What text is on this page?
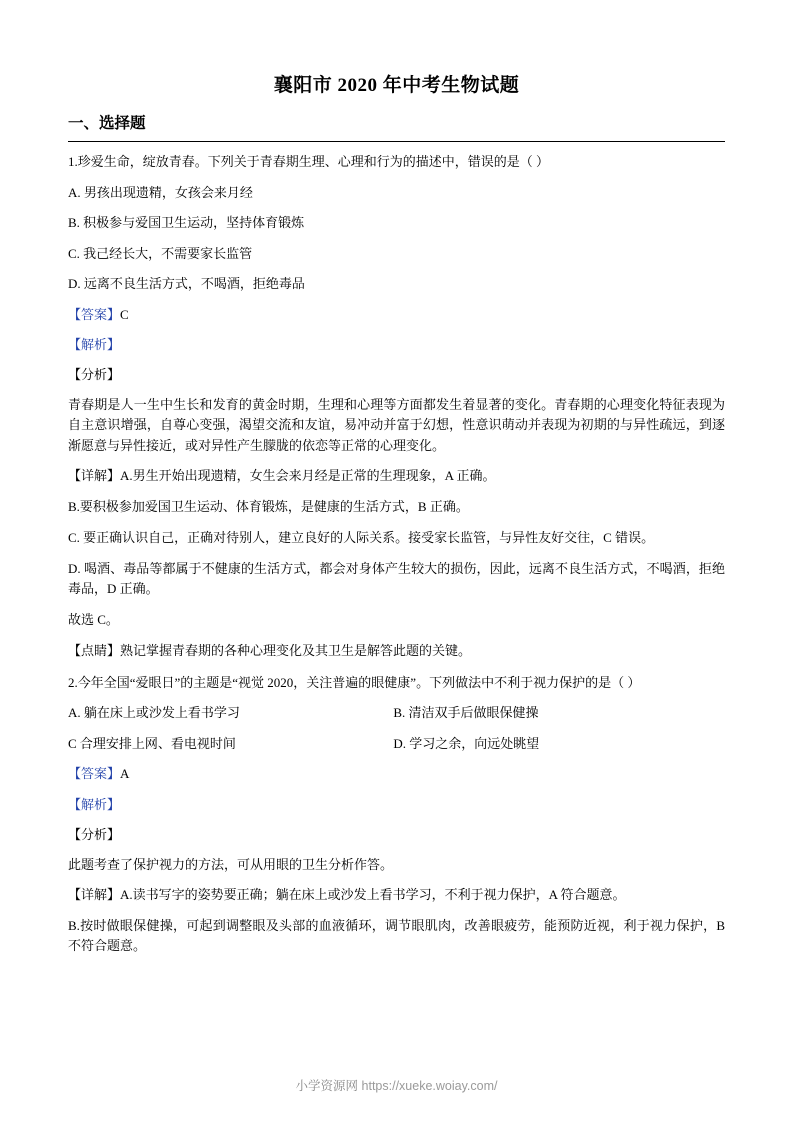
襄阳市 2020 年中考生物试题
一、选择题

1.珍爱生命，绽放青春。下列关于青春期生理、心理和行为的描述中，错误的是（ ）

A. 男孩出现遗精，女孩会来月经

B. 积极参与爱国卫生运动，坚持体育锻炼

C. 我己经长大，不需要家长监管

D. 远离不良生活方式，不喝酒，拒绝毒品

【答案】C

【解析】

【分析】

青春期是人一生中生长和发育的黄金时期，生理和心理等方面都发生着显著的变化。青春期的心理变化特征表现为自主意识增强，自尊心变强，渴望交流和友谊，易冲动并富于幻想，性意识萌动并表现为初期的与异性疏远，到逐渐愿意与异性接近，或对异性产生朦胧的依恋等正常的心理变化。

【详解】A.男生开始出现遗精，女生会来月经是正常的生理现象，A 正确。

B.要积极参加爱国卫生运动、体育锻炼，是健康的生活方式，B 正确。

C. 要正确认识自己，正确对待别人，建立良好的人际关系。接受家长监管，与异性友好交往，C 错误。

D. 喝酒、毒品等都属于不健康的生活方式，都会对身体产生较大的损伤，因此，远离不良生活方式，不喝酒，拒绝毒品，D 正确。

故选 C。

【点睛】熟记掌握青春期的各种心理变化及其卫生是解答此题的关键。

2.今年全国“爱眼日”的主题是“视觉 2020，关注普遍的眼健康”。下列做法中不利于视力保护的是（ ）

A. 躺在床上或沙发上看书学习	B. 清洁双手后做眼保健操
C 合理安排上网、看电视时间	D. 学习之余，向远处眺望

【答案】A

【解析】

【分析】

此题考查了保护视力的方法，可从用眼的卫生分析作答。

【详解】A.读书写字的姿势要正确；躺在床上或沙发上看书学习，不利于视力保护，A 符合题意。

B.按时做眼保健操，可起到调整眼及头部的血液循环，调节眼肌肉，改善眼疲劳，能预防近视，利于视力保护，B 不符合题意。

小学资源网 https://xueke.woiay.com/
